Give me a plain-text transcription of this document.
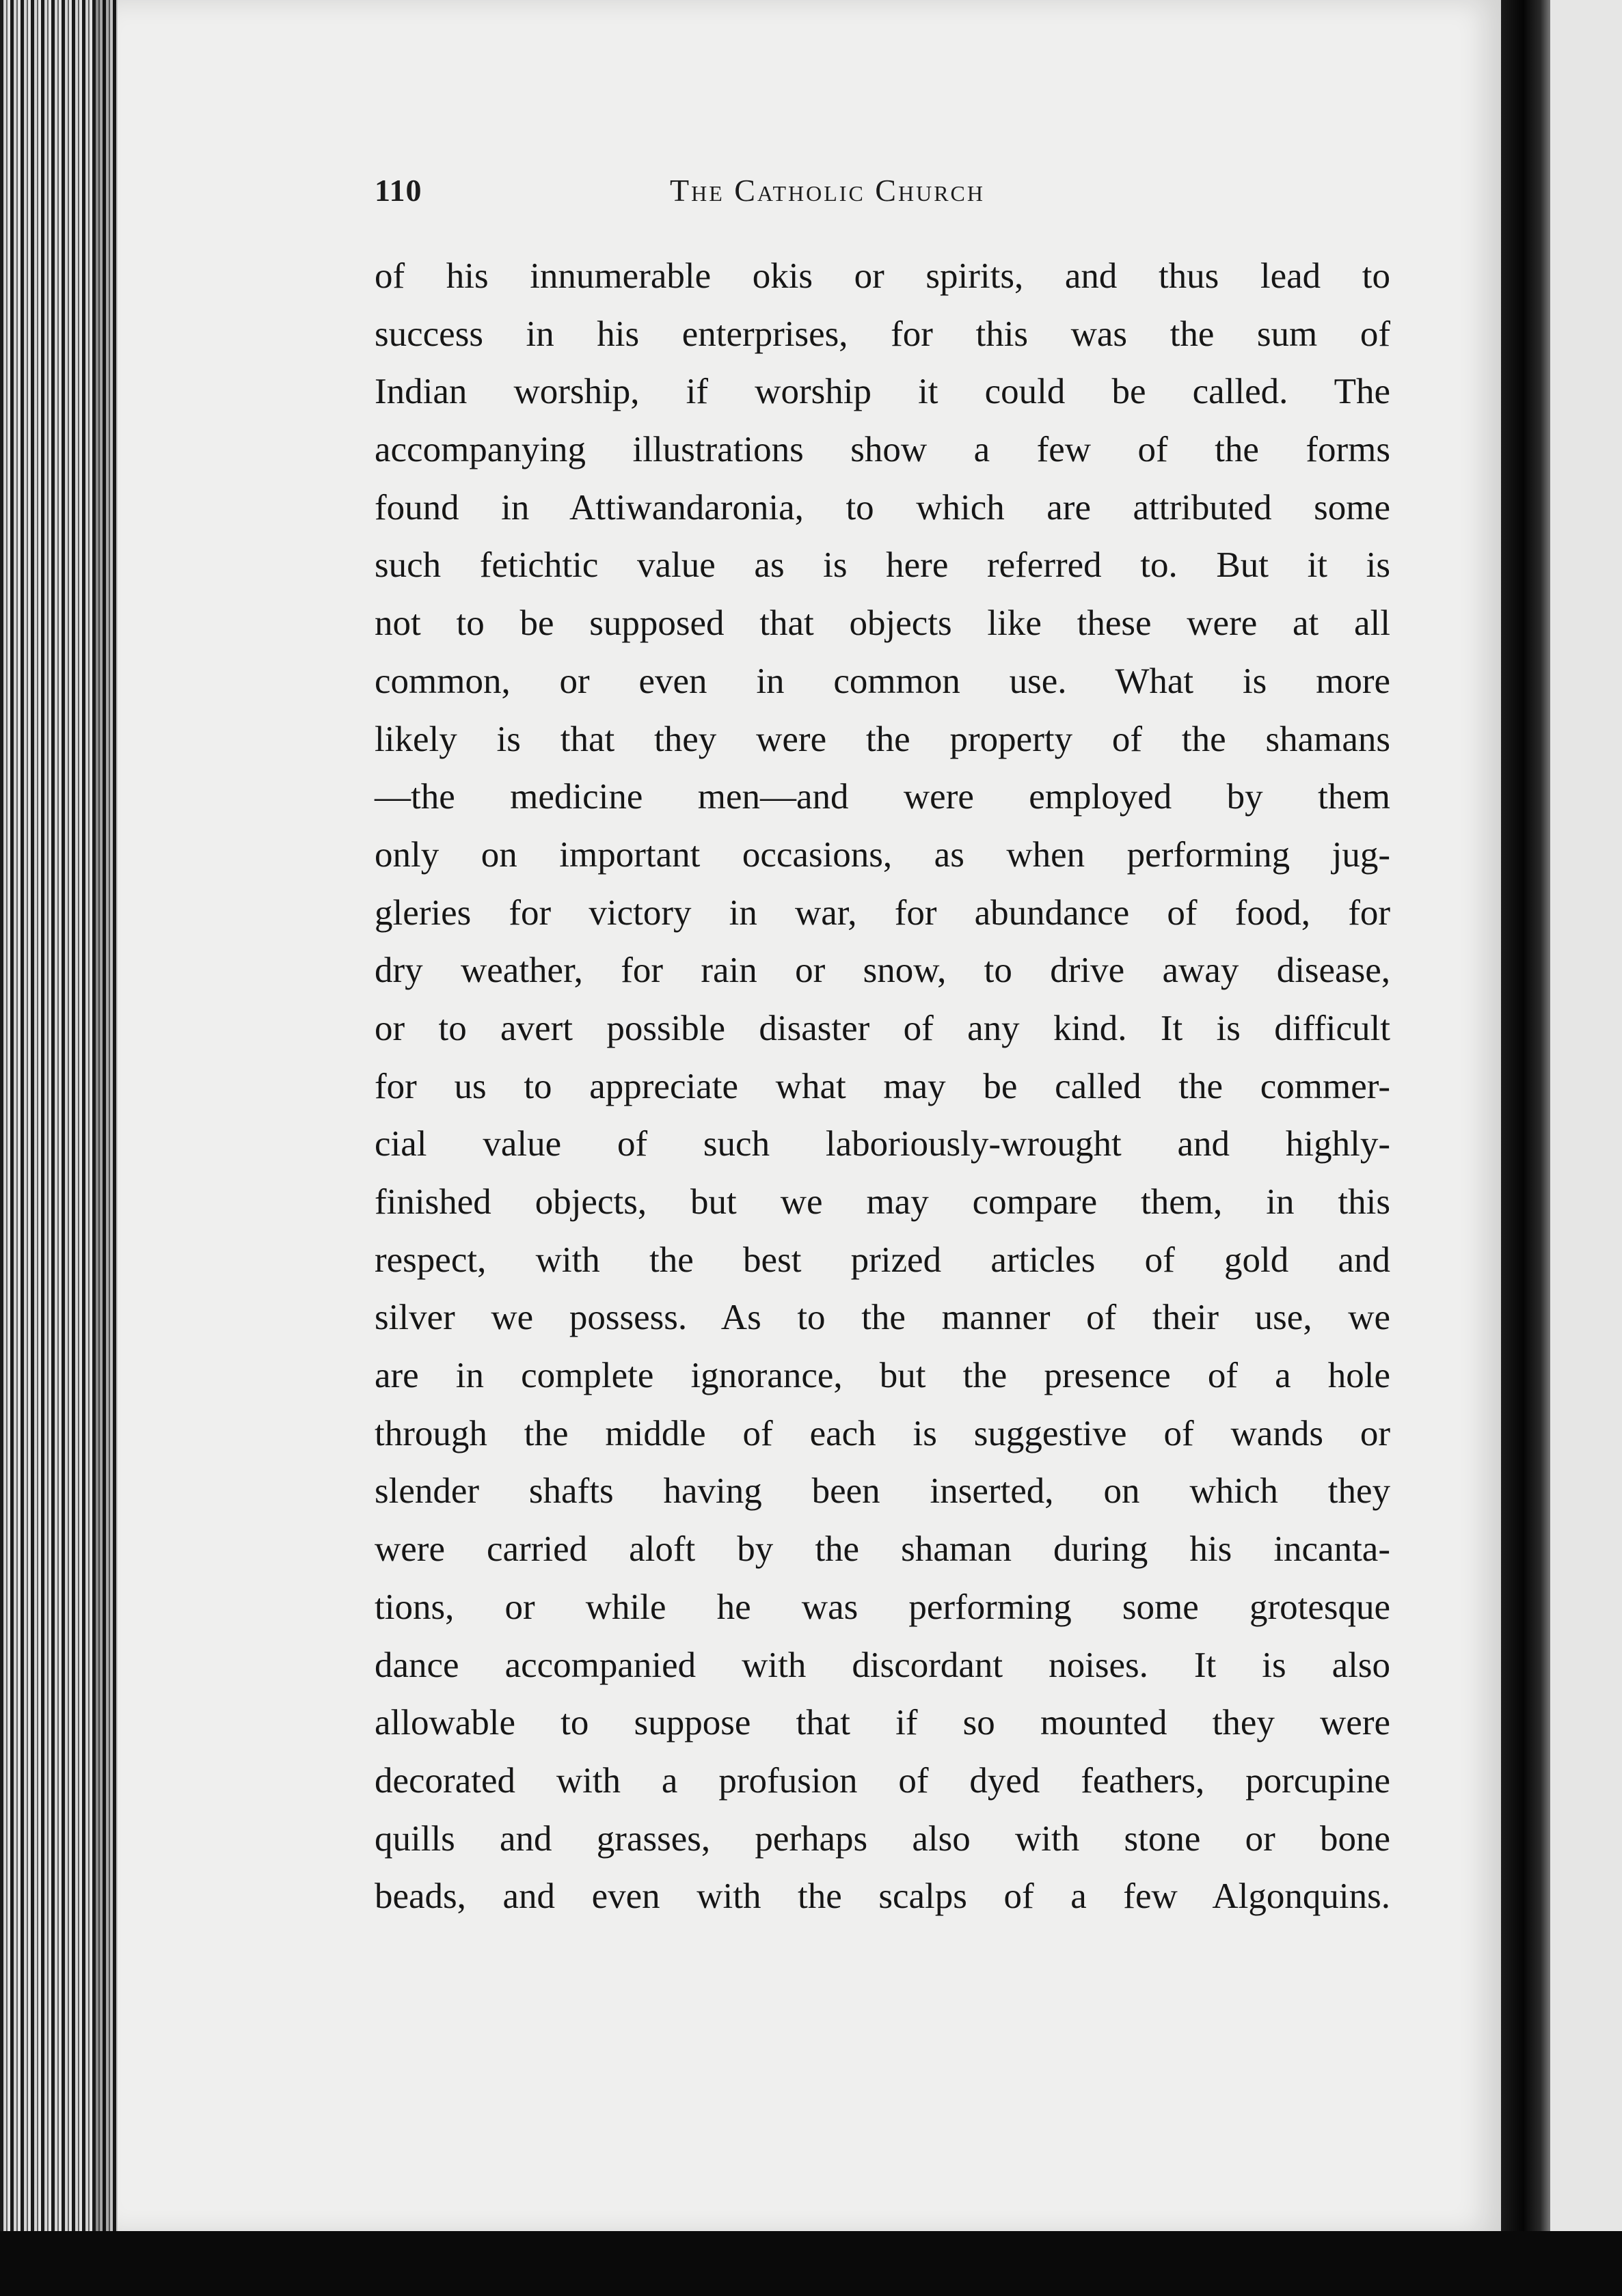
110	The Catholic Church
of his innumerable okis or spirits, and thus lead to
success in his enterprises, for this was the sum of
Indian worship, if worship it could be called. The
accompanying illustrations show a few of the forms
found in Attiwandaronia, to which are attributed some
such fetichtic value as is here referred to. But it is
not to be supposed that objects like these were at all
common, or even in common use. What is more
likely is that they were the property of the shamans
—the medicine men—and were employed by them
only on important occasions, as when performing jug-
gleries for victory in war, for abundance of food, for
dry weather, for rain or snow, to drive away disease,
or to avert possible disaster of any kind. It is difficult
for us to appreciate what may be called the commer-
cial value of such laboriously-wrought and highly-
finished objects, but we may compare them, in this
respect, with the best prized articles of gold and
silver we possess. As to the manner of their use, we
are in complete ignorance, but the presence of a hole
through the middle of each is suggestive of wands or
slender shafts having been inserted, on which they
were carried aloft by the shaman during his incanta-
tions, or while he was performing some grotesque
dance accompanied with discordant noises. It is also
allowable to suppose that if so mounted they were
decorated with a profusion of dyed feathers, porcupine
quills and grasses, perhaps also with stone or bone
beads, and even with the scalps of a few Algonquins.
